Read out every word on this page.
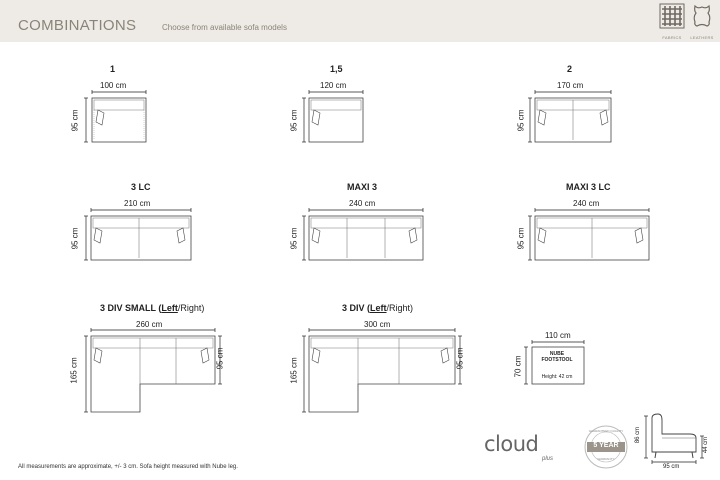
COMBINATIONS	Choose from available sofa models
FABRICS	LEATHERS
1
100 cm
95 cm
1,5
120 cm
95 cm
2
170 cm
95 cm
3 LC
210 cm
95 cm
MAXI 3
240 cm
95 cm
MAXI 3 LC
240 cm
95 cm
3 DIV SMALL (Left/Right)
260 cm
165 cm	95 cm
3 DIV (Left/Right)
300 cm
165 cm	95 cm
110 cm
70 cm
NUBE
FOOTSTOOL
Height: 42 cm
cloud
plus
5 YEAR
GUARANTEED QUALITY
WARRANTY
86 cm
44 cm
95 cm
All measurements are approximate, +/- 3 cm. Sofa height measured with Nube leg.
